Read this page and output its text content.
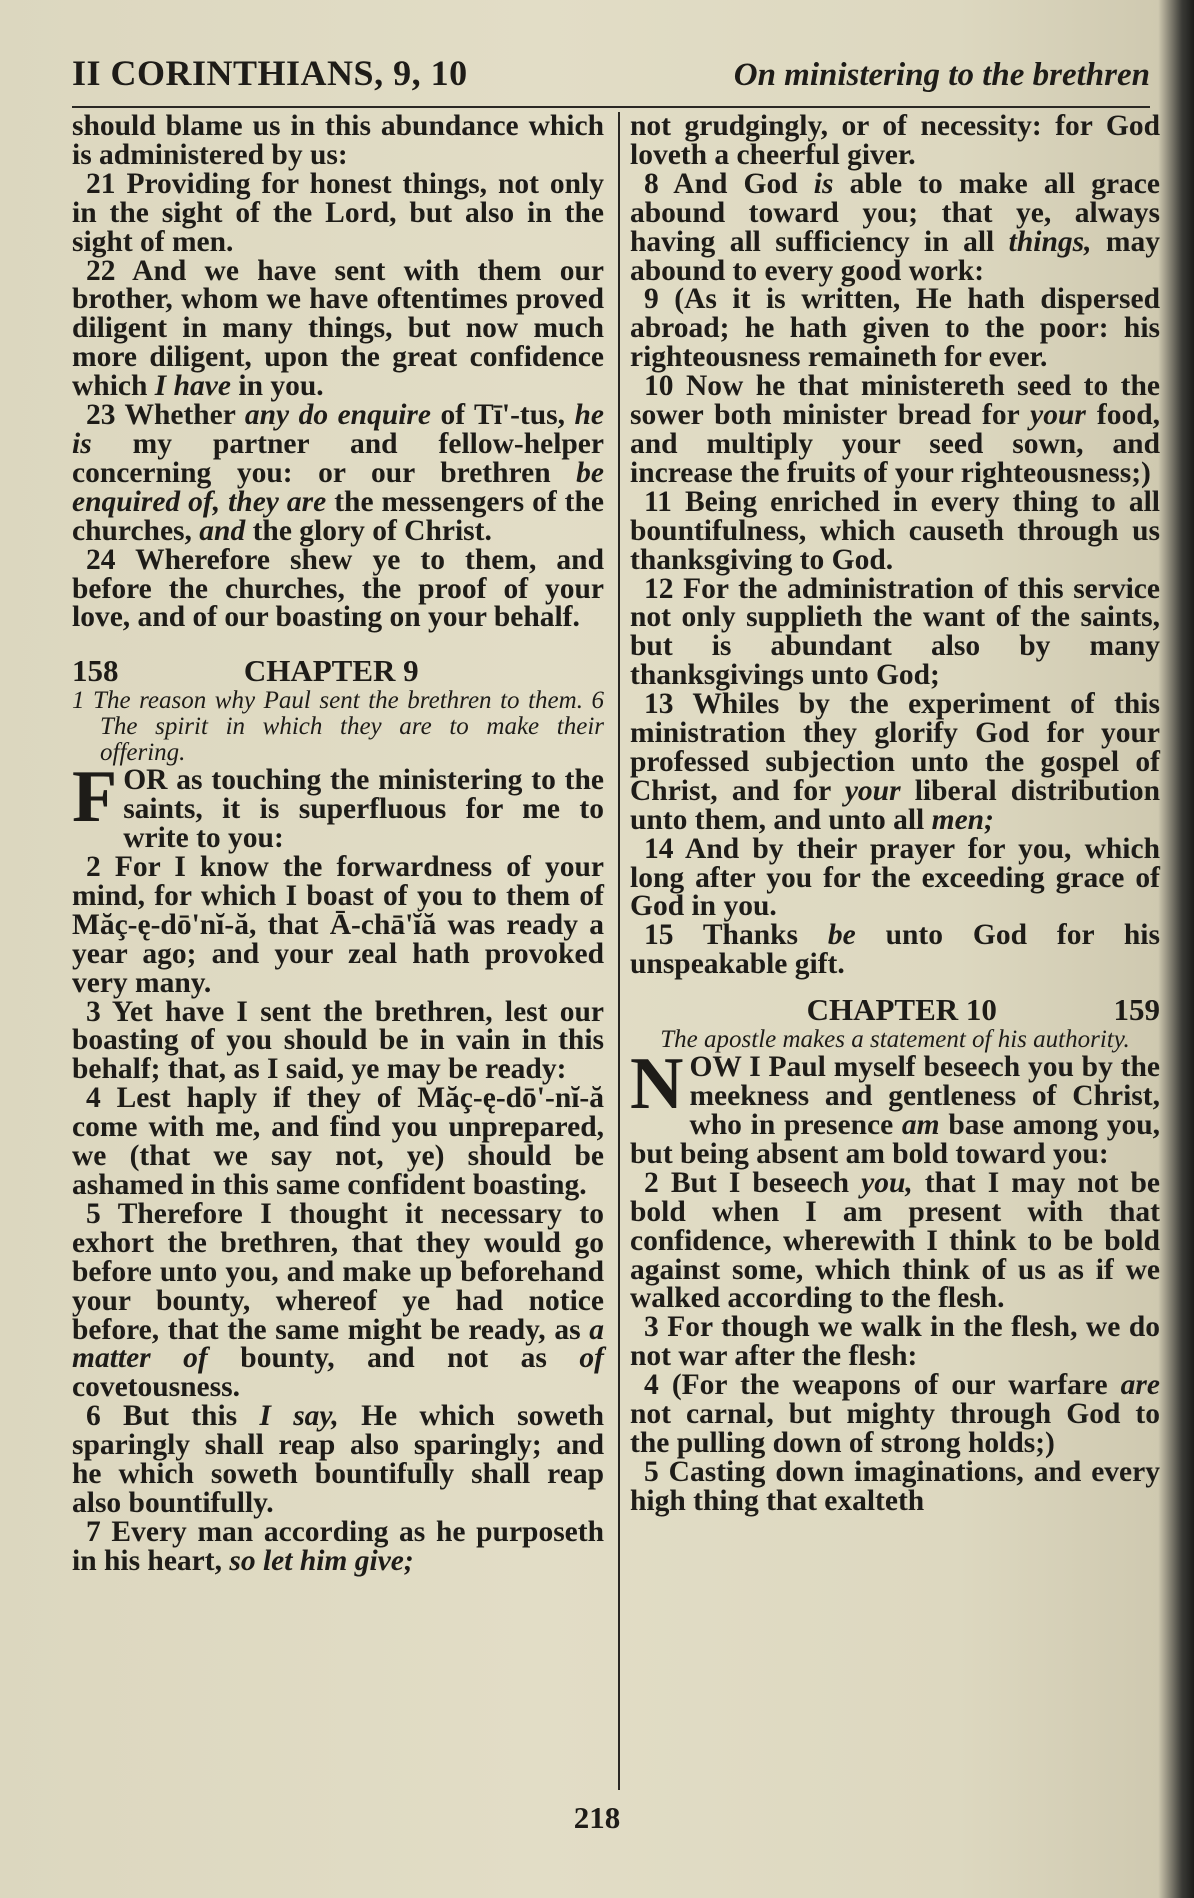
II CORINTHIANS, 9, 10	On ministering to the brethren

should blame us in this abundance which is administered by us:

21 Providing for honest things, not only in the sight of the Lord, but also in the sight of men.

22 And we have sent with them our brother, whom we have oftentimes proved diligent in many things, but now much more diligent, upon the great confidence which I have in you.

23 Whether any do enquire of Tī'-tus, he is my partner and fellow-helper concerning you: or our brethren be enquired of, they are the messengers of the churches, and the glory of Christ.

24 Wherefore shew ye to them, and before the churches, the proof of your love, and of our boasting on your behalf.

158	CHAPTER 9

1 The reason why Paul sent the brethren to them. 6 The spirit in which they are to make their offering.

F OR as touching the ministering to the saints, it is superfluous for me to write to you:

2 For I know the forwardness of your mind, for which I boast of you to them of Măç-ę-dō'nĭ-ă, that Ā-chā'ĭă was ready a year ago; and your zeal hath provoked very many.

3 Yet have I sent the brethren, lest our boasting of you should be in vain in this behalf; that, as I said, ye may be ready:

4 Lest haply if they of Măç-ę-dō'-nĭ-ă come with me, and find you unprepared, we (that we say not, ye) should be ashamed in this same confident boasting.

5 Therefore I thought it necessary to exhort the brethren, that they would go before unto you, and make up beforehand your bounty, whereof ye had notice before, that the same might be ready, as a matter of bounty, and not as of covetousness.

6 But this I say, He which soweth sparingly shall reap also sparingly; and he which soweth bountifully shall reap also bountifully.

7 Every man according as he purposeth in his heart, so let him give;

not grudgingly, or of necessity: for God loveth a cheerful giver.

8 And God is able to make all grace abound toward you; that ye, always having all sufficiency in all things, may abound to every good work:

9 (As it is written, He hath dispersed abroad; he hath given to the poor: his righteousness remaineth for ever.

10 Now he that ministereth seed to the sower both minister bread for your food, and multiply your seed sown, and increase the fruits of your righteousness;)

11 Being enriched in every thing to all bountifulness, which causeth through us thanksgiving to God.

12 For the administration of this service not only supplieth the want of the saints, but is abundant also by many thanksgivings unto God;

13 Whiles by the experiment of this ministration they glorify God for your professed subjection unto the gospel of Christ, and for your liberal distribution unto them, and unto all men;

14 And by their prayer for you, which long after you for the exceeding grace of God in you.

15 Thanks be unto God for his unspeakable gift.

CHAPTER 10	159

The apostle makes a statement of his authority.

N OW I Paul myself beseech you by the meekness and gentleness of Christ, who in presence am base among you, but being absent am bold toward you:

2 But I beseech you, that I may not be bold when I am present with that confidence, wherewith I think to be bold against some, which think of us as if we walked according to the flesh.

3 For though we walk in the flesh, we do not war after the flesh:

4 (For the weapons of our warfare are not carnal, but mighty through God to the pulling down of strong holds;)

5 Casting down imaginations, and every high thing that exalteth

218
